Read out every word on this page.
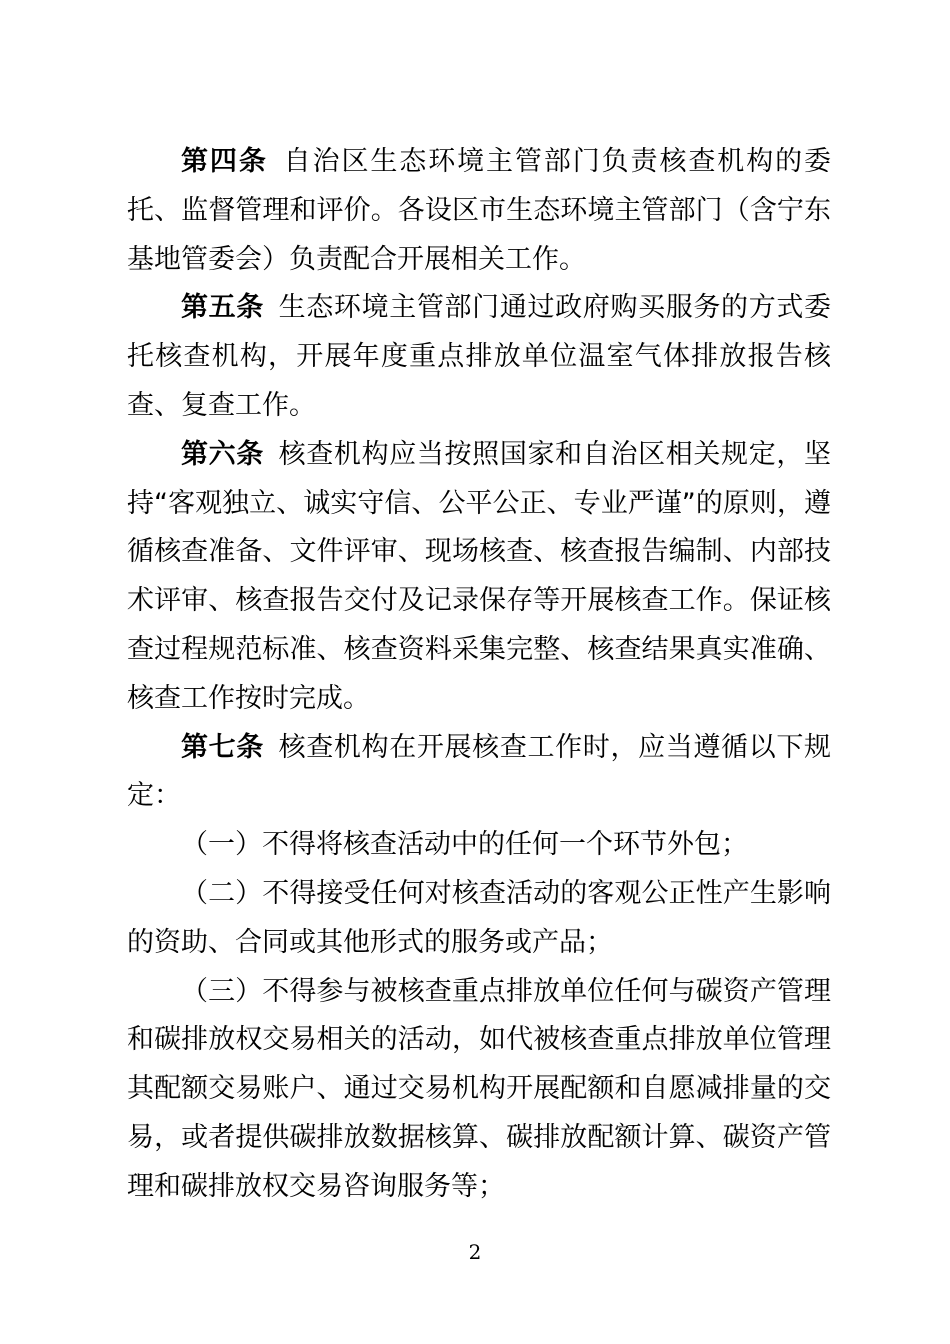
第四条 自治区生态环境主管部门负责核查机构的委托、监督管理和评价。各设区市生态环境主管部门（含宁东基地管委会）负责配合开展相关工作。

第五条 生态环境主管部门通过政府购买服务的方式委托核查机构，开展年度重点排放单位温室气体排放报告核查、复查工作。

第六条 核查机构应当按照国家和自治区相关规定，坚持“客观独立、诚实守信、公平公正、专业严谨”的原则，遵循核查准备、文件评审、现场核查、核查报告编制、内部技术评审、核查报告交付及记录保存等开展核查工作。保证核查过程规范标准、核查资料采集完整、核查结果真实准确、核查工作按时完成。

第七条 核查机构在开展核查工作时，应当遵循以下规定：

（一）不得将核查活动中的任何一个环节外包；

（二）不得接受任何对核查活动的客观公正性产生影响的资助、合同或其他形式的服务或产品；

（三）不得参与被核查重点排放单位任何与碳资产管理和碳排放权交易相关的活动，如代被核查重点排放单位管理其配额交易账户、通过交易机构开展配额和自愿减排量的交易，或者提供碳排放数据核算、碳排放配额计算、碳资产管理和碳排放权交易咨询服务等；

2
